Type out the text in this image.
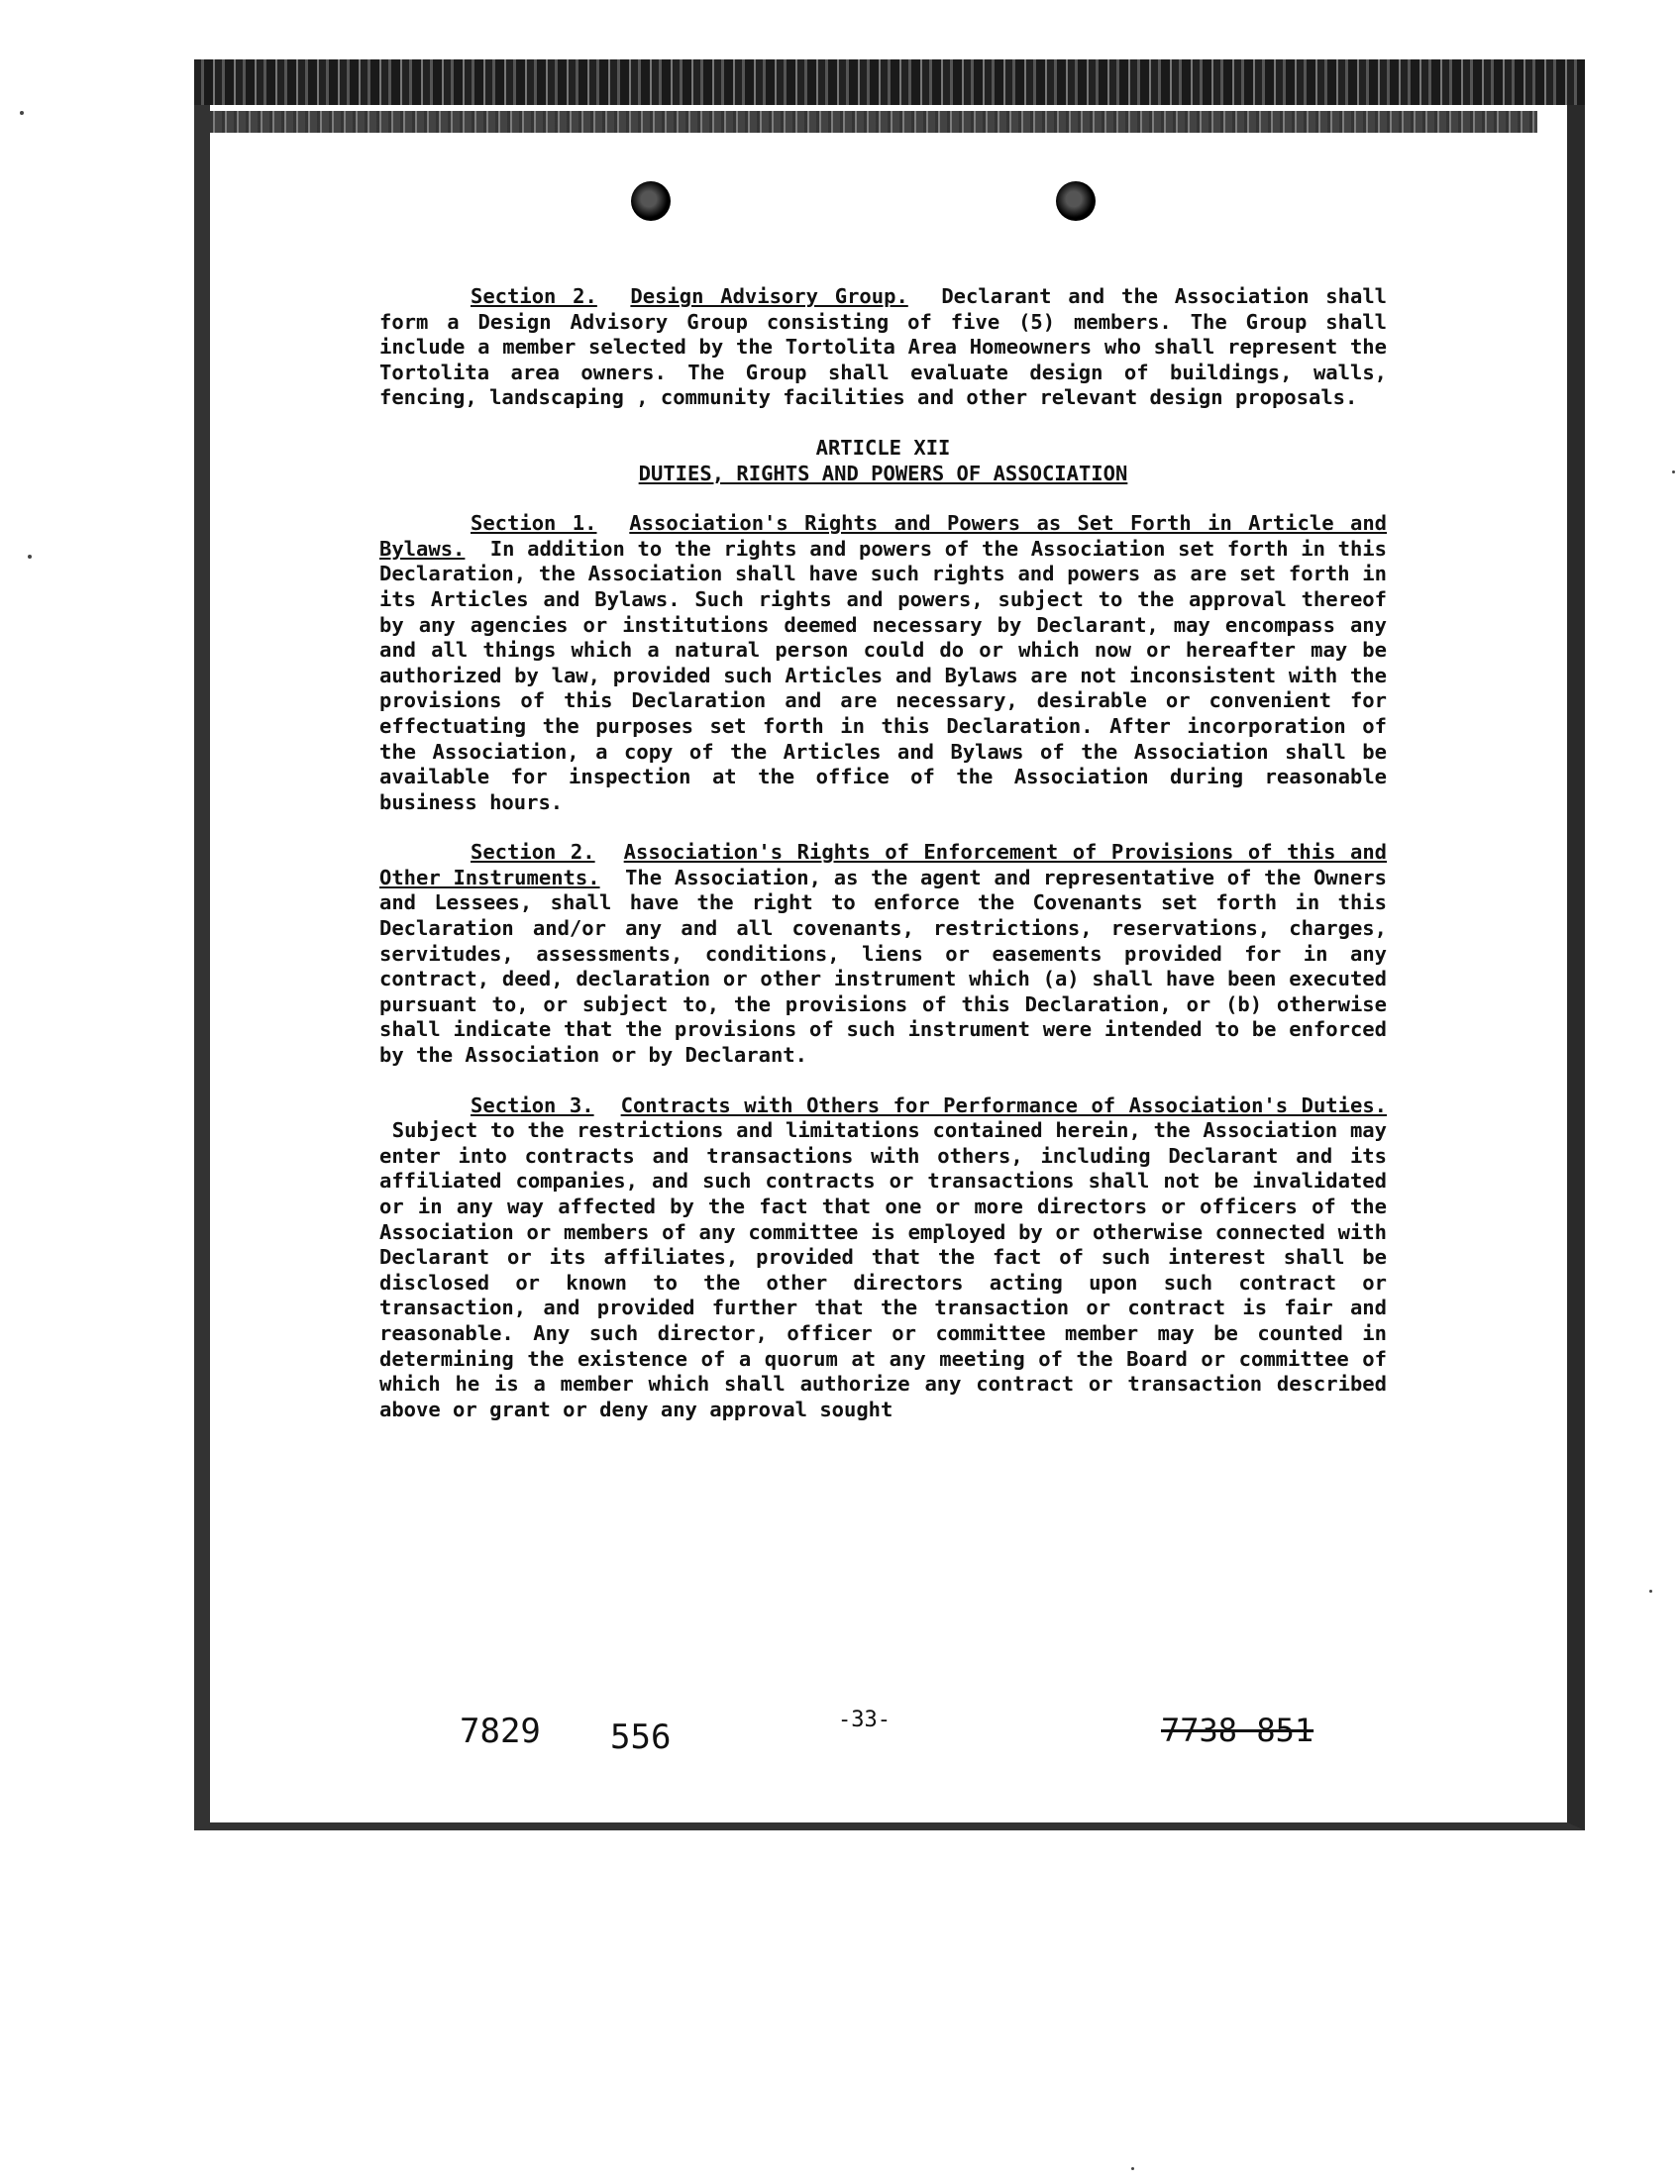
Section 2. Design Advisory Group. Declarant and the Association shall form a Design Advisory Group consisting of five (5) members. The Group shall include a member selected by the Tortolita Area Homeowners who shall represent the Tortolita area owners. The Group shall evaluate design of buildings, walls, fencing, landscaping , community facilities and other relevant design proposals.

ARTICLE XII
DUTIES, RIGHTS AND POWERS OF ASSOCIATION

Section 1. Association's Rights and Powers as Set Forth in Article and Bylaws. In addition to the rights and powers of the Association set forth in this Declaration, the Association shall have such rights and powers as are set forth in its Articles and Bylaws. Such rights and powers, subject to the approval thereof by any agencies or institutions deemed necessary by Declarant, may encompass any and all things which a natural person could do or which now or hereafter may be authorized by law, provided such Articles and Bylaws are not inconsistent with the provisions of this Declaration and are necessary, desirable or convenient for effectuating the purposes set forth in this Declaration. After incorporation of the Association, a copy of the Articles and Bylaws of the Association shall be available for inspection at the office of the Association during reasonable business hours.

Section 2. Association's Rights of Enforcement of Provisions of this and Other Instruments. The Association, as the agent and representative of the Owners and Lessees, shall have the right to enforce the Covenants set forth in this Declaration and/or any and all covenants, restrictions, reservations, charges, servitudes, assessments, conditions, liens or easements provided for in any contract, deed, declaration or other instrument which (a) shall have been executed pursuant to, or subject to, the provisions of this Declaration, or (b) otherwise shall indicate that the provisions of such instrument were intended to be enforced by the Association or by Declarant.

Section 3. Contracts with Others for Performance of Association's Duties.  Subject to the restrictions and limitations contained herein, the Association may enter into contracts and transactions with others, including Declarant and its affiliated companies, and such contracts or transactions shall not be invalidated or in any way affected by the fact that one or more directors or officers of the Association or members of any committee is employed by or otherwise connected with Declarant or its affiliates, provided that the fact of such interest shall be disclosed or known to the other directors acting upon such contract or transaction, and provided further that the transaction or contract is fair and reasonable. Any such director, officer or committee member may be counted in determining the existence of a quorum at any meeting of the Board or committee of which he is a member which shall authorize any contract or transaction described above or grant or deny any approval sought

7829 556	-33-	7738 851
